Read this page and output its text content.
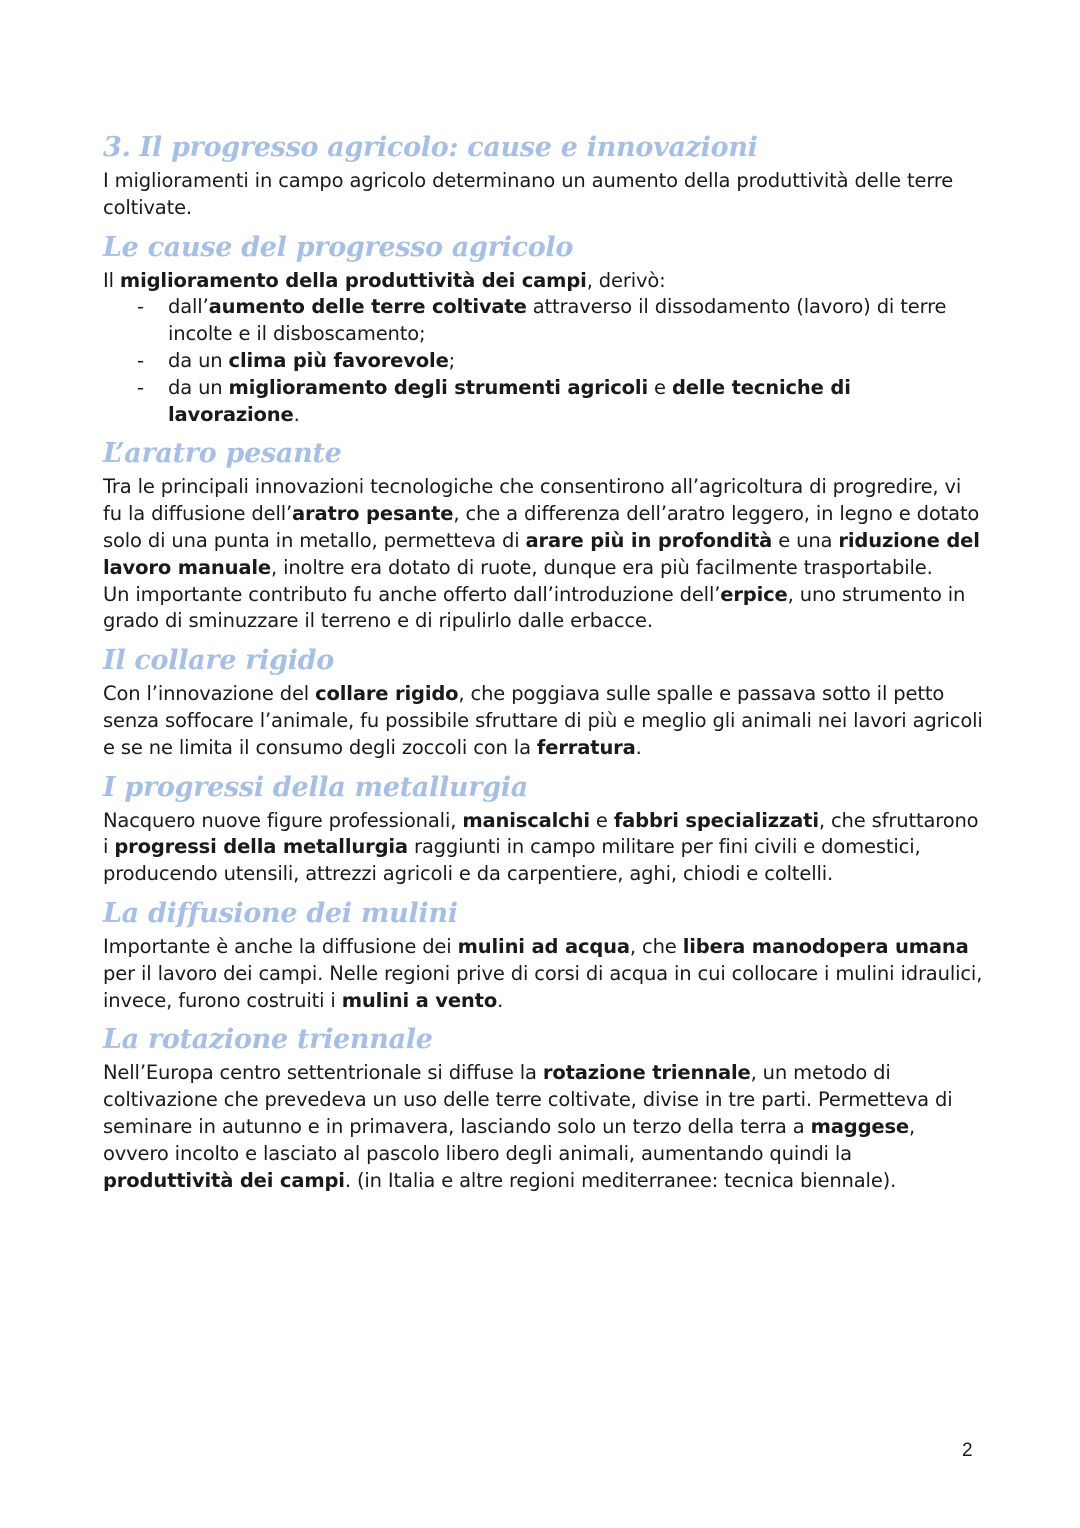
3. Il progresso agricolo: cause e innovazioni

I miglioramenti in campo agricolo determinano un aumento della produttività delle terre coltivate.

Le cause del progresso agricolo

Il miglioramento della produttività dei campi, derivò:

- dall’aumento delle terre coltivate attraverso il dissodamento (lavoro) di terre incolte e il disboscamento;
- da un clima più favorevole;
- da un miglioramento degli strumenti agricoli e delle tecniche di lavorazione.
L’aratro pesante

Tra le principali innovazioni tecnologiche che consentirono all’agricoltura di progredire, vi fu la diffusione dell’aratro pesante, che a differenza dell’aratro leggero, in legno e dotato solo di una punta in metallo, permetteva di arare più in profondità e una riduzione del lavoro manuale, inoltre era dotato di ruote, dunque era più facilmente trasportabile.

Un importante contributo fu anche offerto dall’introduzione dell’erpice, uno strumento in grado di sminuzzare il terreno e di ripulirlo dalle erbacce.

Il collare rigido

Con l’innovazione del collare rigido, che poggiava sulle spalle e passava sotto il petto senza soffocare l’animale, fu possibile sfruttare di più e meglio gli animali nei lavori agricoli e se ne limita il consumo degli zoccoli con la ferratura.

I progressi della metallurgia

Nacquero nuove figure professionali, maniscalchi e fabbri specializzati, che sfruttarono i progressi della metallurgia raggiunti in campo militare per fini civili e domestici, producendo utensili, attrezzi agricoli e da carpentiere, aghi, chiodi e coltelli.

La diffusione dei mulini

Importante è anche la diffusione dei mulini ad acqua, che libera manodopera umana per il lavoro dei campi. Nelle regioni prive di corsi di acqua in cui collocare i mulini idraulici, invece, furono costruiti i mulini a vento.

La rotazione triennale

Nell’Europa centro settentrionale si diffuse la rotazione triennale, un metodo di coltivazione che prevedeva un uso delle terre coltivate, divise in tre parti. Permetteva di seminare in autunno e in primavera, lasciando solo un terzo della terra a maggese, ovvero incolto e lasciato al pascolo libero degli animali, aumentando quindi la produttività dei campi. (in Italia e altre regioni mediterranee: tecnica biennale).

2
